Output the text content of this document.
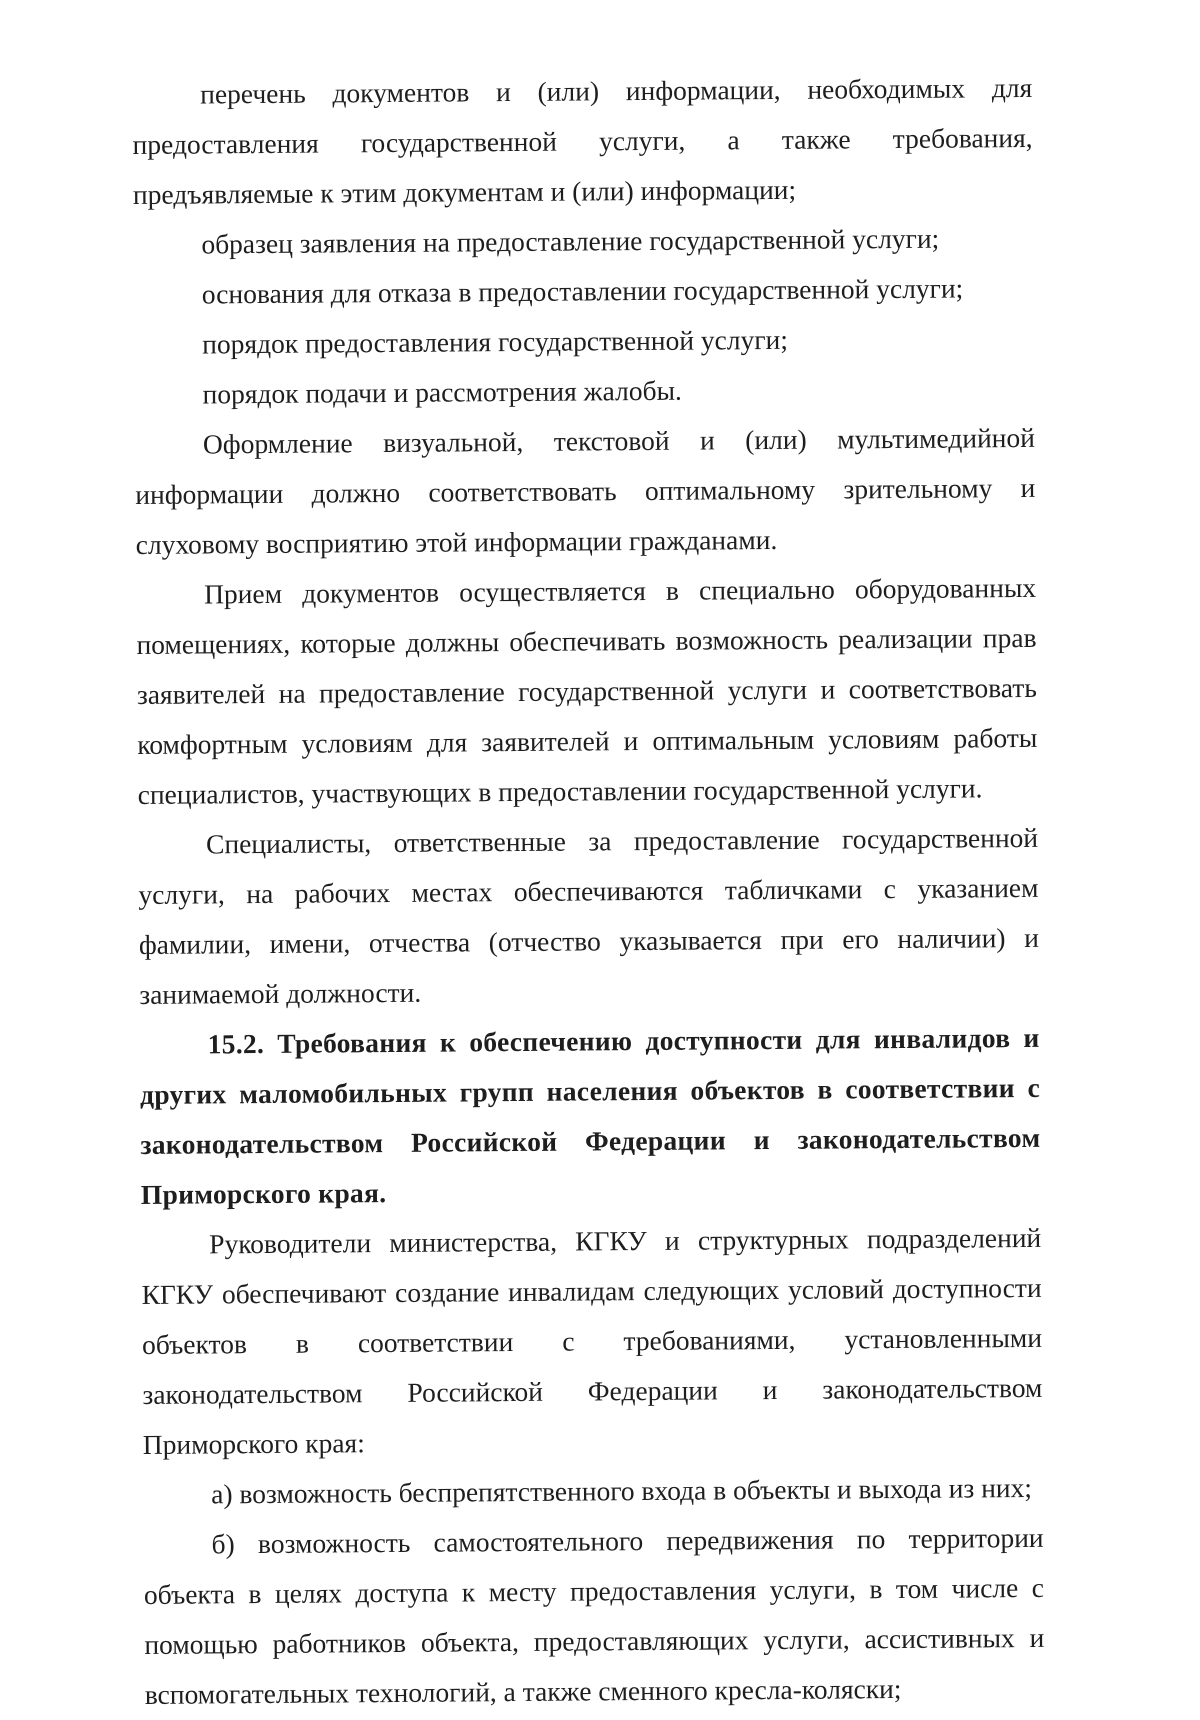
перечень документов и (или) информации, необходимых для предоставления государственной услуги, а также требования, предъявляемые к этим документам и (или) информации;

образец заявления на предоставление государственной услуги;

основания для отказа в предоставлении государственной услуги;

порядок предоставления государственной услуги;

порядок подачи и рассмотрения жалобы.

Оформление визуальной, текстовой и (или) мультимедийной информации должно соответствовать оптимальному зрительному и слуховому восприятию этой информации гражданами.

Прием документов осуществляется в специально оборудованных помещениях, которые должны обеспечивать возможность реализации прав заявителей на предоставление государственной услуги и соответствовать комфортным условиям для заявителей и оптимальным условиям работы специалистов, участвующих в предоставлении государственной услуги.

Специалисты, ответственные за предоставление государственной услуги, на рабочих местах обеспечиваются табличками с указанием фамилии, имени, отчества (отчество указывается при его наличии) и занимаемой должности.

15.2. Требования к обеспечению доступности для инвалидов и других маломобильных групп населения объектов в соответствии с законодательством Российской Федерации и законодательством Приморского края.

Руководители министерства, КГКУ и структурных подразделений КГКУ обеспечивают создание инвалидам следующих условий доступности объектов в соответствии с требованиями, установленными законодательством Российской Федерации и законодательством Приморского края:

а) возможность беспрепятственного входа в объекты и выхода из них;

б) возможность самостоятельного передвижения по территории объекта в целях доступа к месту предоставления услуги, в том числе с помощью работников объекта, предоставляющих услуги, ассистивных и вспомогательных технологий, а также сменного кресла-коляски;
